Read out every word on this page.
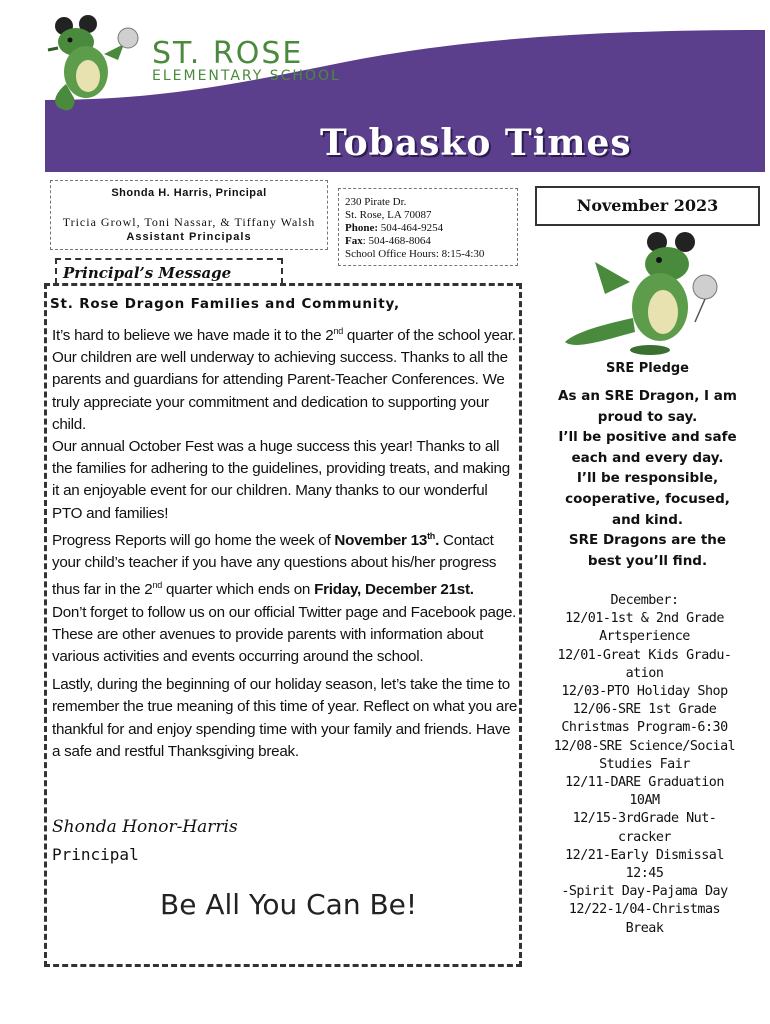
ST. ROSE
ELEMENTARY SCHOOL
Tobasko Times
Shonda H. Harris, Principal
Tricia Growl, Toni Nassar, & Tiffany Walsh
Assistant Principals
230 Pirate Dr.
St. Rose, LA 70087
Phone: 504-464-9254
Fax: 504-468-8064
School Office Hours: 8:15-4:30
November 2023
Principal’s Message
St. Rose Dragon Families and Community,

It’s hard to believe we have made it to the 2nd quarter of the school year. Our children are well underway to achieving success. Thanks to all the parents and guardians for attending Parent-Teacher Conferences. We truly appreciate your commitment and dedication to supporting your child.

Our annual October Fest was a huge success this year! Thanks to all the families for adhering to the guidelines, providing treats, and making it an enjoyable event for our children. Many thanks to our wonderful PTO and families!

Progress Reports will go home the week of November 13th. Contact your child’s teacher if you have any questions about his/her progress thus far in the 2nd quarter which ends on Friday, December 21st.

Don’t forget to follow us on our official Twitter page and Facebook page. These are other avenues to provide parents with information about various activities and events occurring around the school.

Lastly, during the beginning of our holiday season, let’s take the time to remember the true meaning of this time of year. Reflect on what you are thankful for and enjoy spending time with your family and friends. Have a safe and restful Thanksgiving break.

Shonda Honor-Harris
Principal
Be All You Can Be!
SRE Pledge
As an SRE Dragon, I am
proud to say.
I’ll be positive and safe
each and every day.
I’ll be responsible,
cooperative, focused,
and kind.
SRE Dragons are the
best you’ll find.
December:
12/01-1st & 2nd Grade
Artsperience
12/01-Great Kids Gradu-
ation
12/03-PTO Holiday Shop
12/06-SRE 1st Grade
Christmas Program-6:30
12/08-SRE Science/Social
Studies Fair
12/11-DARE Graduation
10AM
12/15-3rdGrade Nut-
cracker
12/21-Early Dismissal
12:45
-Spirit Day-Pajama Day
12/22-1/04-Christmas
Break
